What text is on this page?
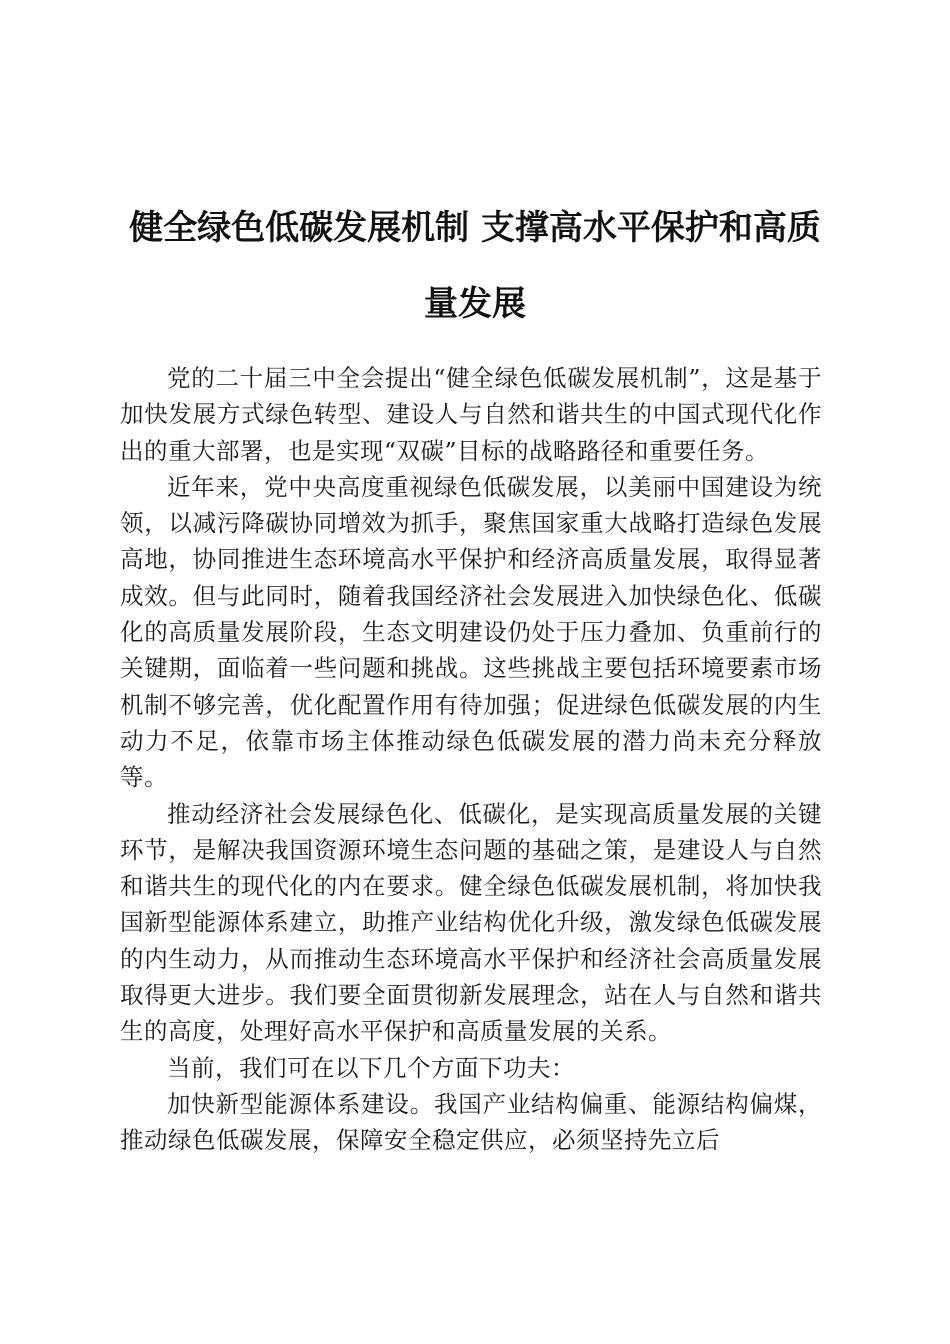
健全绿色低碳发展机制 支撑高水平保护和高质量发展

党的二十届三中全会提出“健全绿色低碳发展机制”，这是基于加快发展方式绿色转型、建设人与自然和谐共生的中国式现代化作出的重大部署，也是实现“双碳”目标的战略路径和重要任务。

近年来，党中央高度重视绿色低碳发展，以美丽中国建设为统领，以减污降碳协同增效为抓手，聚焦国家重大战略打造绿色发展高地，协同推进生态环境高水平保护和经济高质量发展，取得显著成效。但与此同时，随着我国经济社会发展进入加快绿色化、低碳化的高质量发展阶段，生态文明建设仍处于压力叠加、负重前行的关键期，面临着一些问题和挑战。这些挑战主要包括环境要素市场机制不够完善，优化配置作用有待加强；促进绿色低碳发展的内生动力不足，依靠市场主体推动绿色低碳发展的潜力尚未充分释放等。

推动经济社会发展绿色化、低碳化，是实现高质量发展的关键环节，是解决我国资源环境生态问题的基础之策，是建设人与自然和谐共生的现代化的内在要求。健全绿色低碳发展机制，将加快我国新型能源体系建立，助推产业结构优化升级，激发绿色低碳发展的内生动力，从而推动生态环境高水平保护和经济社会高质量发展取得更大进步。我们要全面贯彻新发展理念，站在人与自然和谐共生的高度，处理好高水平保护和高质量发展的关系。

当前，我们可在以下几个方面下功夫：

加快新型能源体系建设。我国产业结构偏重、能源结构偏煤，推动绿色低碳发展，保障安全稳定供应，必须坚持先立后
